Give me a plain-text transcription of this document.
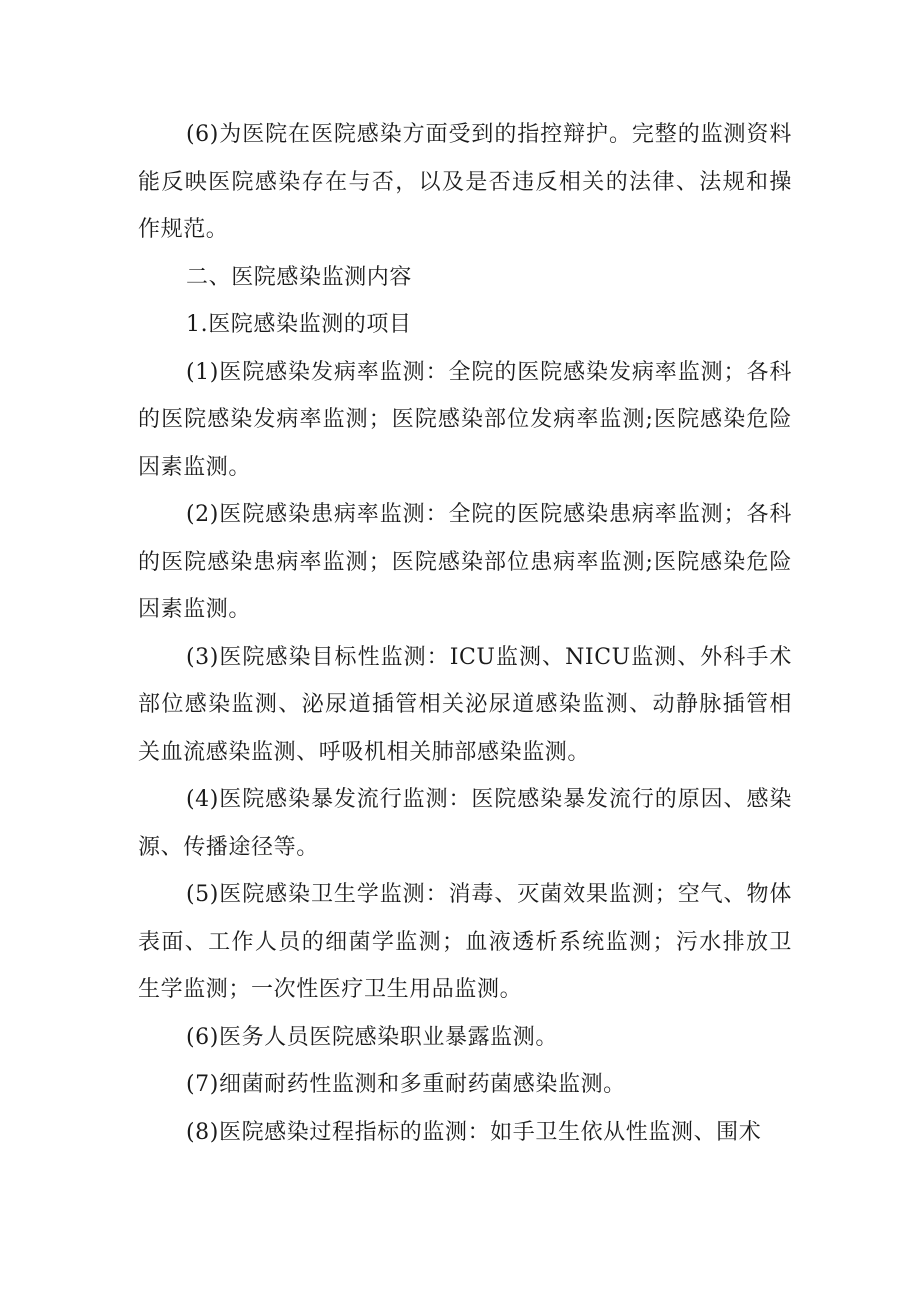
(6)为医院在医院感染方面受到的指控辩护。完整的监测资料能反映医院感染存在与否，以及是否违反相关的法律、法规和操作规范。

二、医院感染监测内容

1.医院感染监测的项目

(1)医院感染发病率监测：全院的医院感染发病率监测；各科的医院感染发病率监测；医院感染部位发病率监测;医院感染危险因素监测。

(2)医院感染患病率监测：全院的医院感染患病率监测；各科的医院感染患病率监测；医院感染部位患病率监测;医院感染危险因素监测。

(3)医院感染目标性监测：ICU监测、NICU监测、外科手术部位感染监测、泌尿道插管相关泌尿道感染监测、动静脉插管相关血流感染监测、呼吸机相关肺部感染监测。

(4)医院感染暴发流行监测：医院感染暴发流行的原因、感染源、传播途径等。

(5)医院感染卫生学监测：消毒、灭菌效果监测；空气、物体表面、工作人员的细菌学监测；血液透析系统监测；污水排放卫生学监测；一次性医疗卫生用品监测。

(6)医务人员医院感染职业暴露监测。

(7)细菌耐药性监测和多重耐药菌感染监测。

(8)医院感染过程指标的监测：如手卫生依从性监测、围术
